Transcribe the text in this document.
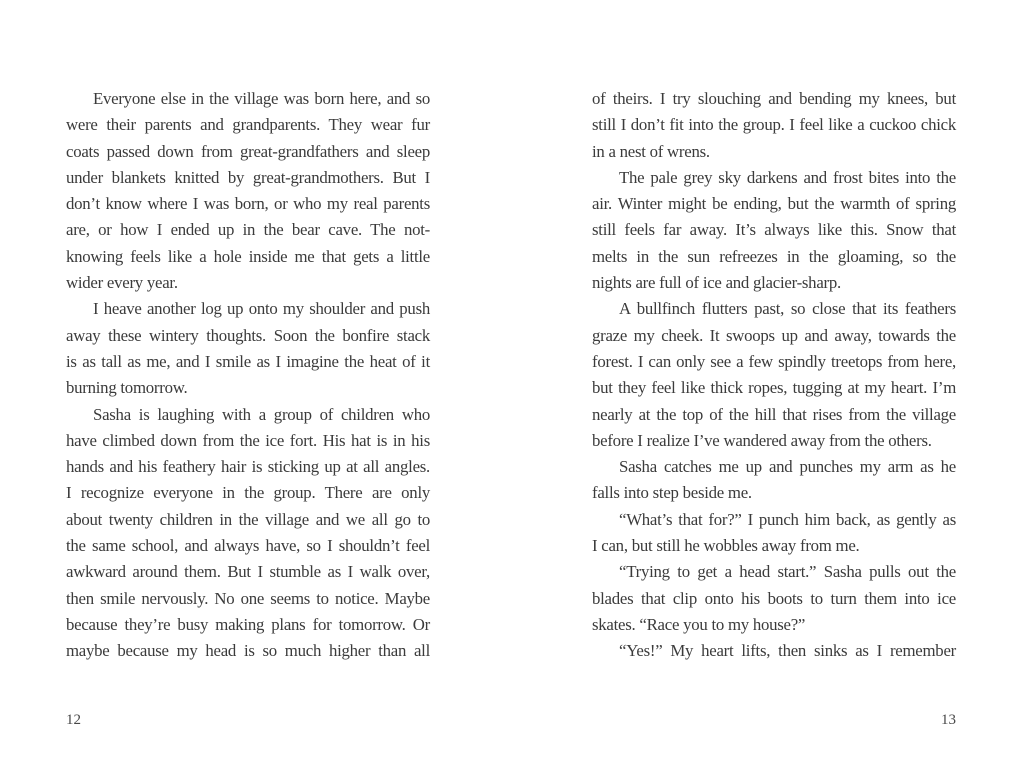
Everyone else in the village was born here, and so
were their parents and grandparents. They wear fur
coats passed down from great-grandfathers and sleep
under blankets knitted by great-grandmothers. But I
don’t know where I was born, or who my real parents
are, or how I ended up in the bear cave. The not-
knowing feels like a hole inside me that gets a little
wider every year.
I heave another log up onto my shoulder and push
away these wintery thoughts. Soon the bonfire stack
is as tall as me, and I smile as I imagine the heat of it
burning tomorrow.
Sasha is laughing with a group of children who
have climbed down from the ice fort. His hat is in his
hands and his feathery hair is sticking up at all angles.
I recognize everyone in the group. There are only
about twenty children in the village and we all go to
the same school, and always have, so I shouldn’t feel
awkward around them. But I stumble as I walk over,
then smile nervously. No one seems to notice. Maybe
because they’re busy making plans for tomorrow. Or
maybe because my head is so much higher than all
of theirs. I try slouching and bending my knees, but
still I don’t fit into the group. I feel like a cuckoo chick
in a nest of wrens.
The pale grey sky darkens and frost bites into the
air. Winter might be ending, but the warmth of spring
still feels far away. It’s always like this. Snow that
melts in the sun refreezes in the gloaming, so the
nights are full of ice and glacier-sharp.
A bullfinch flutters past, so close that its feathers
graze my cheek. It swoops up and away, towards the
forest. I can only see a few spindly treetops from here,
but they feel like thick ropes, tugging at my heart. I’m
nearly at the top of the hill that rises from the village
before I realize I’ve wandered away from the others.
Sasha catches me up and punches my arm as he
falls into step beside me.
“What’s that for?” I punch him back, as gently as
I can, but still he wobbles away from me.
“Trying to get a head start.” Sasha pulls out the
blades that clip onto his boots to turn them into ice
skates. “Race you to my house?”
“Yes!” My heart lifts, then sinks as I remember
12	13
